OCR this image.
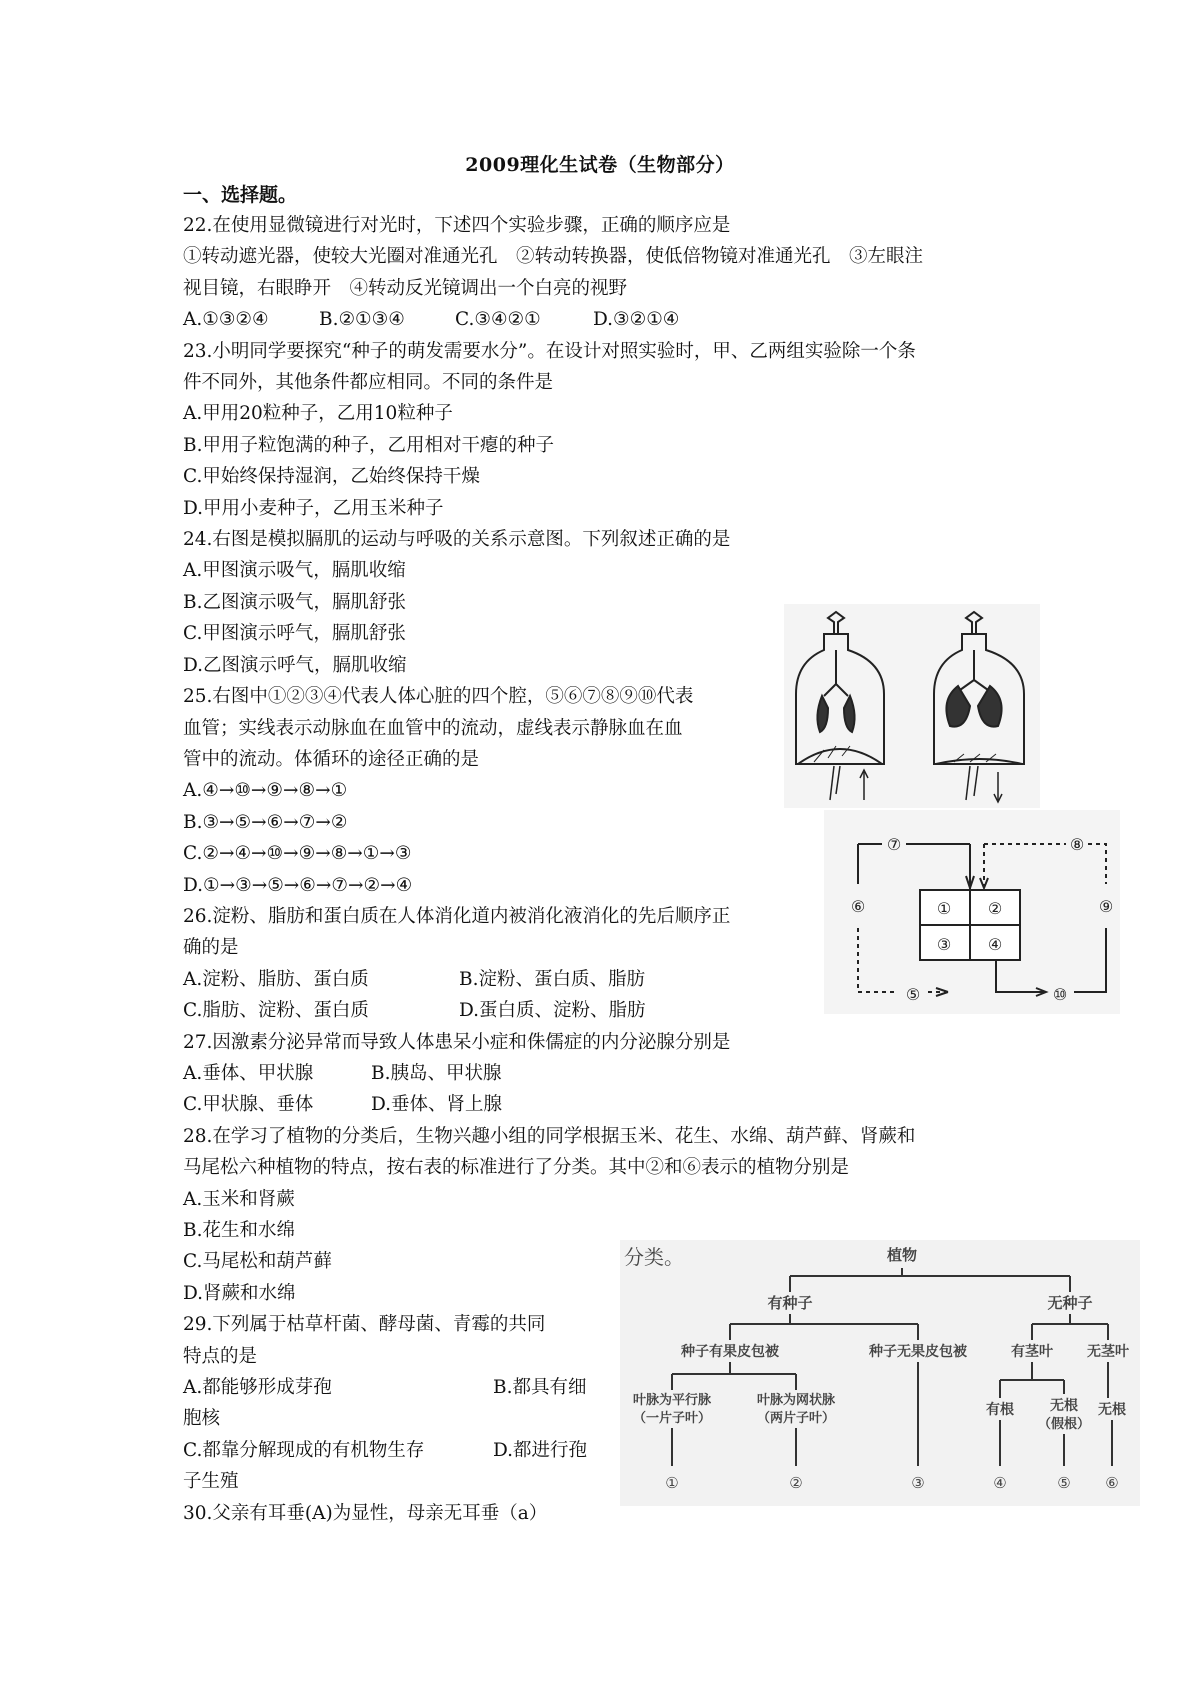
2009理化生试卷（生物部分）
一、选择题。
22.在使用显微镜进行对光时，下述四个实验步骤，正确的顺序应是
①转动遮光器，使较大光圈对准通光孔　②转动转换器，使低倍物镜对准通光孔　③左眼注
视目镜，右眼睁开　④转动反光镜调出一个白亮的视野
A.①③②④	B.②①③④	C.③④②①	D.③②①④
23.小明同学要探究“种子的萌发需要水分”。在设计对照实验时，甲、乙两组实验除一个条
件不同外，其他条件都应相同。不同的条件是
A.甲用20粒种子，乙用10粒种子
B.甲用子粒饱满的种子，乙用相对干瘪的种子
C.甲始终保持湿润，乙始终保持干燥
D.甲用小麦种子，乙用玉米种子
24.右图是模拟膈肌的运动与呼吸的关系示意图。下列叙述正确的是
A.甲图演示吸气，膈肌收缩
B.乙图演示吸气，膈肌舒张
C.甲图演示呼气，膈肌舒张
D.乙图演示呼气，膈肌收缩
25.右图中①②③④代表人体心脏的四个腔，⑤⑥⑦⑧⑨⑩代表
血管；实线表示动脉血在血管中的流动，虚线表示静脉血在血
管中的流动。体循环的途径正确的是
A.④→⑩→⑨→⑧→①
B.③→⑤→⑥→⑦→②
C.②→④→⑩→⑨→⑧→①→③
D.①→③→⑤→⑥→⑦→②→④
26.淀粉、脂肪和蛋白质在人体消化道内被消化液消化的先后顺序正
确的是
A.淀粉、脂肪、蛋白质	B.淀粉、蛋白质、脂肪
C.脂肪、淀粉、蛋白质	D.蛋白质、淀粉、脂肪
27.因激素分泌异常而导致人体患呆小症和侏儒症的内分泌腺分别是
A.垂体、甲状腺	B.胰岛、甲状腺
C.甲状腺、垂体	D.垂体、肾上腺
28.在学习了植物的分类后，生物兴趣小组的同学根据玉米、花生、水绵、葫芦藓、肾蕨和
马尾松六种植物的特点，按右表的标准进行了分类。其中②和⑥表示的植物分别是
A.玉米和肾蕨
B.花生和水绵
C.马尾松和葫芦藓
D.肾蕨和水绵
29.下列属于枯草杆菌、酵母菌、青霉的共同
特点的是
A.都能够形成芽孢	B.都具有细
胞核
C.都靠分解现成的有机物生存	D.都进行孢
子生殖
30.父亲有耳垂(A)为显性，母亲无耳垂（a）
① ②
③ ④
⑤
⑥
⑦	⑧
⑨
⑩
分类。	植物
有种子	无种子
种子有果皮包被	种子无果皮包被	有茎叶 无茎叶
叶脉为平行脉
（一片子叶）
叶脉为网状脉
（两片子叶）
有根	无根
（假根）
无根
①	②	③	④	⑤ ⑥
